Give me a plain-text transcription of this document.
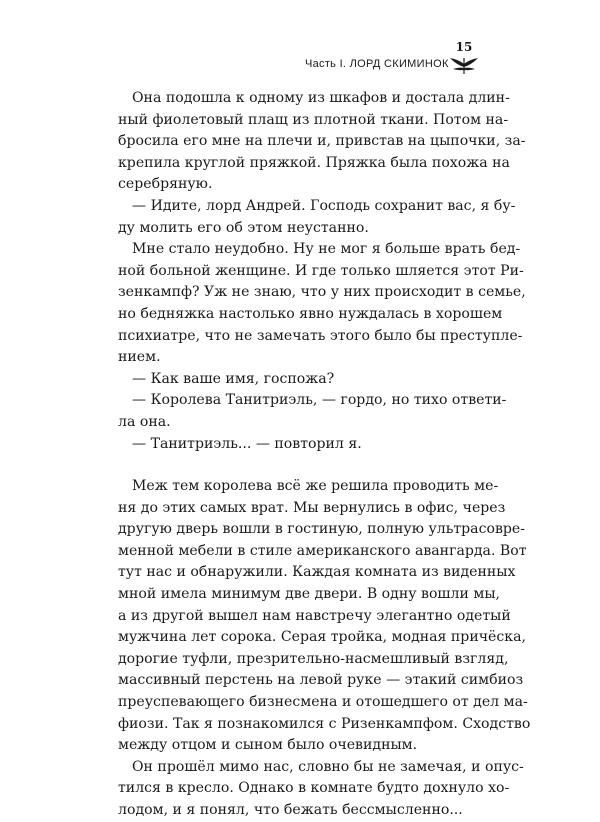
Часть I. ЛОРД СКИМИНОК
15
Она подошла к одному из шкафов и достала длин-
ный фиолетовый плащ из плотной ткани. Потом на-
бросила его мне на плечи и, привстав на цыпочки, за-
крепила круглой пряжкой. Пряжка была похожа на
серебряную.
— Идите, лорд Андрей. Господь сохранит вас, я бу-
ду молить его об этом неустанно.
Мне стало неудобно. Ну не мог я больше врать бед-
ной больной женщине. И где только шляется этот Ри-
зенкампф? Уж не знаю, что у них происходит в семье,
но бедняжка настолько явно нуждалась в хорошем
психиатре, что не замечать этого было бы преступле-
нием.
— Как ваше имя, госпожа?
— Королева Танитриэль, — гордо, но тихо ответи-
ла она.
— Танитриэль... — повторил я.
Меж тем королева всё же решила проводить ме-
ня до этих самых врат. Мы вернулись в офис, через
другую дверь вошли в гостиную, полную ультрасовре-
менной мебели в стиле американского авангарда. Вот
тут нас и обнаружили. Каждая комната из виденных
мной имела минимум две двери. В одну вошли мы,
а из другой вышел нам навстречу элегантно одетый
мужчина лет сорока. Серая тройка, модная причёска,
дорогие туфли, презрительно-насмешливый взгляд,
массивный перстень на левой руке — этакий симбиоз
преуспевающего бизнесмена и отошедшего от дел ма-
фиози. Так я познакомился с Ризенкампфом. Сходство
между отцом и сыном было очевидным.
Он прошёл мимо нас, словно бы не замечая, и опус-
тился в кресло. Однако в комнате будто дохнуло хо-
лодом, и я понял, что бежать бессмысленно...
